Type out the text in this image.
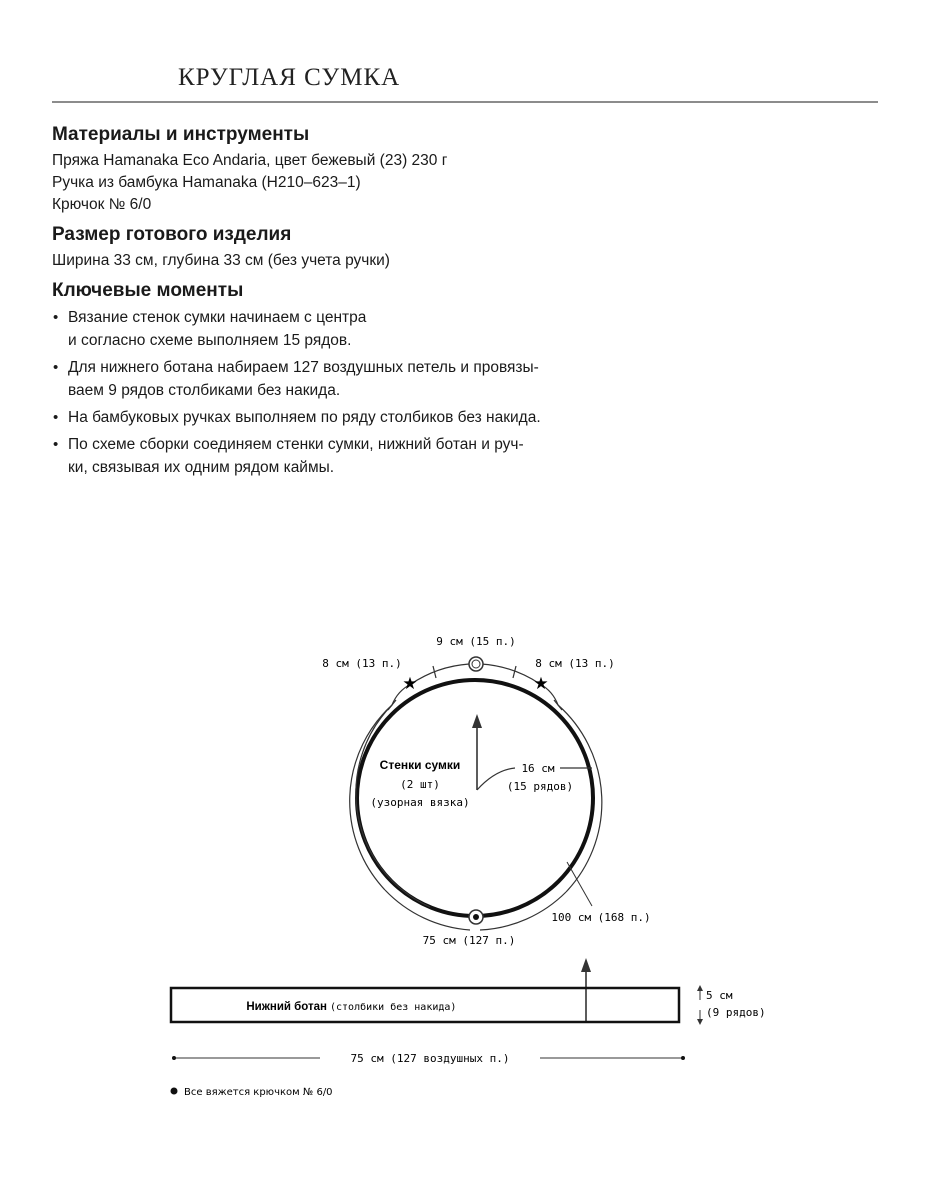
КРУГЛАЯ СУМКА
Материалы и инструменты

Пряжа Hamanaka Eco Andaria, цвет бежевый (23) 230 г

Ручка из бамбука Hamanaka (H210–623–1)

Крючок № 6/0

Размер готового изделия

Ширина 33 см, глубина 33 см (без учета ручки)

Ключевые моменты
• Вязание стенок сумки начинаем с центра
и согласно схеме выполняем 15 рядов.
• Для нижнего ботана набираем 127 воздушных петель и провязы-
ваем 9 рядов столбиками без накида.
• На бамбуковых ручках выполняем по ряду столбиков без накида.
• По схеме сборки соединяем стенки сумки, нижний ботан и руч-
ки, связывая их одним рядом каймы.
★	★
9 см (15 п.)
8 см (13 п.)	8 см (13 п.)
Стенки сумки
(2 шт)
(узорная вязка)
16 см
(15 рядов)
100 см (168 п.)
75 см (127 п.)
Нижний ботан (столбики без накида)
5 см
(9 рядов)
75 см (127 воздушных п.)
Все вяжется крючком № 6/0
